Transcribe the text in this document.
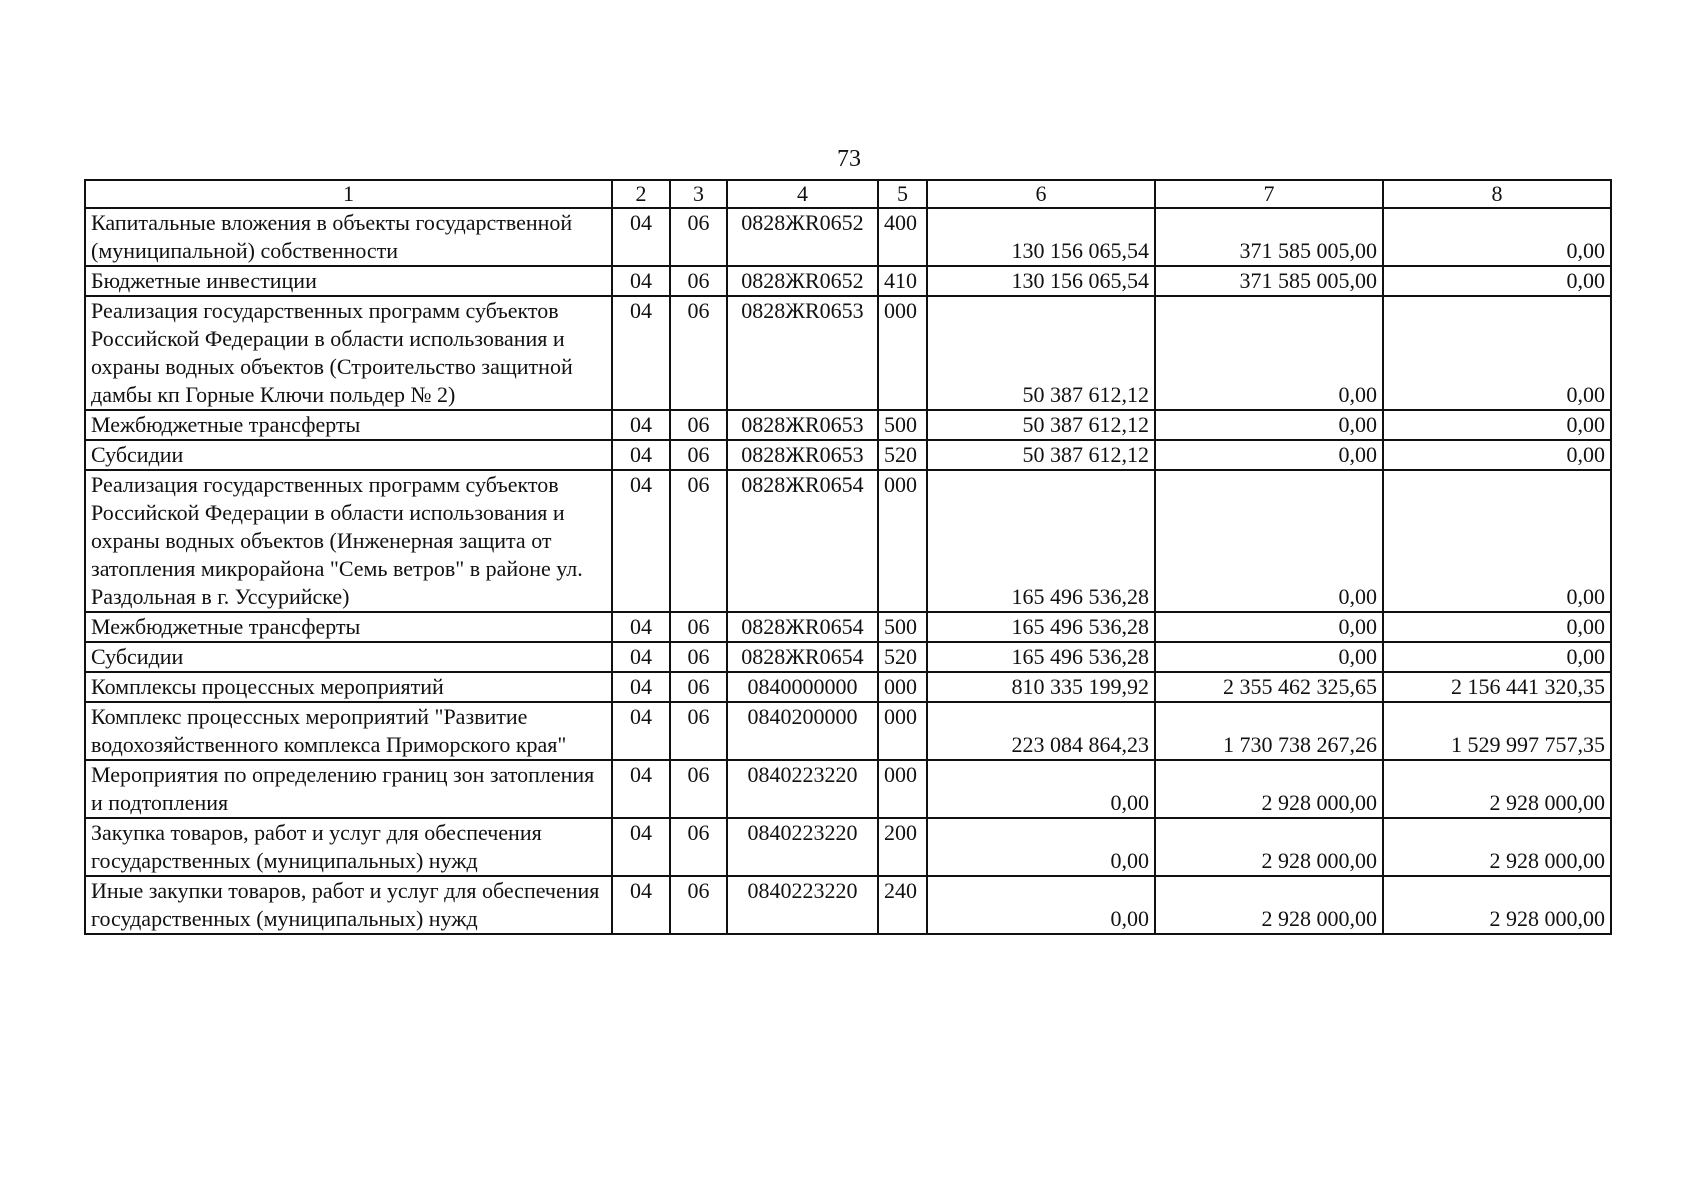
73
1	2	3	4	5	6	7	8
Капитальные вложения в объекты государственной (муниципальной) собственности	04	06	0828ЖR0652	400	130 156 065,54	371 585 005,00	0,00
Бюджетные инвестиции	04	06	0828ЖR0652	410	130 156 065,54	371 585 005,00	0,00
Реализация государственных программ субъектов Российской Федерации в области использования и охраны водных объектов (Строительство защитной дамбы кп Горные Ключи польдер № 2)	04	06	0828ЖR0653	000	50 387 612,12	0,00	0,00
Межбюджетные трансферты	04	06	0828ЖR0653	500	50 387 612,12	0,00	0,00
Субсидии	04	06	0828ЖR0653	520	50 387 612,12	0,00	0,00
Реализация государственных программ субъектов Российской Федерации в области использования и охраны водных объектов (Инженерная защита от затопления микрорайона "Семь ветров" в районе ул. Раздольная в г. Уссурийске)	04	06	0828ЖR0654	000	165 496 536,28	0,00	0,00
Межбюджетные трансферты	04	06	0828ЖR0654	500	165 496 536,28	0,00	0,00
Субсидии	04	06	0828ЖR0654	520	165 496 536,28	0,00	0,00
Комплексы процессных мероприятий	04	06	0840000000	000	810 335 199,92	2 355 462 325,65	2 156 441 320,35
Комплекс процессных мероприятий "Развитие водохозяйственного комплекса Приморского края"	04	06	0840200000	000	223 084 864,23	1 730 738 267,26	1 529 997 757,35
Мероприятия по определению границ зон затопления и подтопления	04	06	0840223220	000	0,00	2 928 000,00	2 928 000,00
Закупка товаров, работ и услуг для обеспечения государственных (муниципальных) нужд	04	06	0840223220	200	0,00	2 928 000,00	2 928 000,00
Иные закупки товаров, работ и услуг для обеспечения государственных (муниципальных) нужд	04	06	0840223220	240	0,00	2 928 000,00	2 928 000,00
